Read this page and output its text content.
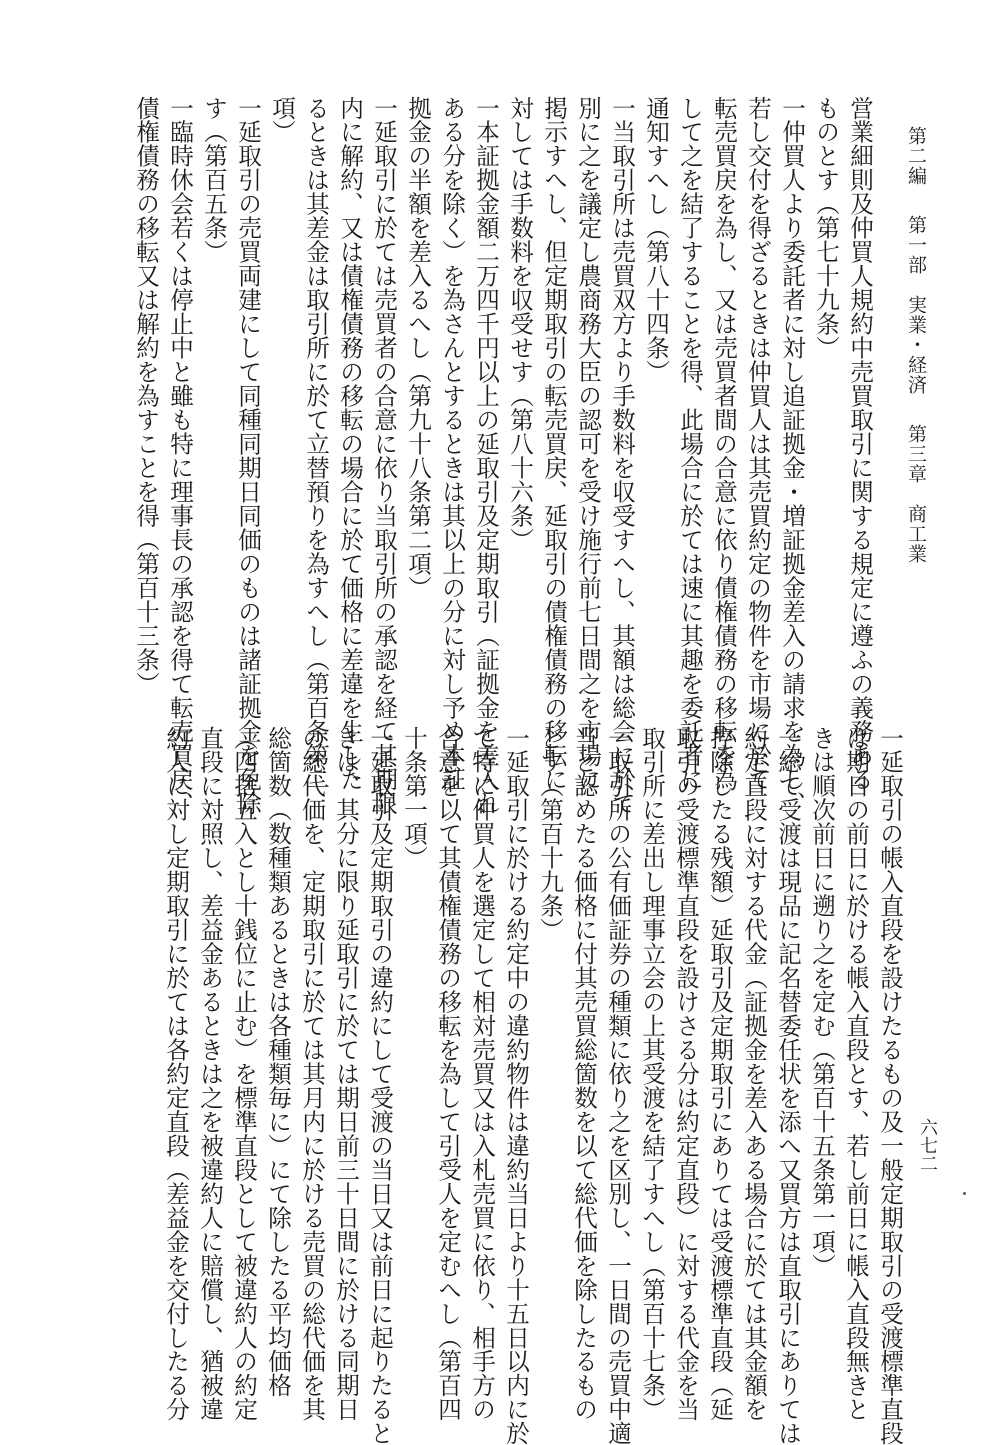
第二編 第一部　実業・経済 第三章　商工業
六七二
営業細則及仲買人規約中売買取引に関する規定に遵ふの義務ある
ものとす（第七十九条）
一仲買人より委託者に対し追証拠金・増証拠金差入の請求を為し、
若し交付を得ざるときは仲買人は其売買約定の物件を市場に於て
転売買戻を為し、又は売買者間の合意に依り債権債務の移転を為
して之を結了することを得、此場合に於ては速に其趣を委託者に
通知すへし（第八十四条）
一当取引所は売買双方より手数料を収受すへし、其額は総会に於て
別に之を議定し農商務大臣の認可を受け施行前七日間之を市場に
掲示すへし、但定期取引の転売買戻、延取引の債権債務の移転に
対しては手数料を収受せす（第八十六条）
一本証拠金額二万四千円以上の延取引及定期取引（証拠金を差入れ
ある分を除く）を為さんとするときは其以上の分に対し予め本証
拠金の半額を差入るへし（第九十八条第二項）
一延取引に於ては売買者の合意に依り当取引所の承認を経て其期限
内に解約、又は債権債務の移転の場合に於て価格に差違を生した
るときは其差金は取引所に於て立替預りを為すへし（第百条第二
項）
一延取引の売買両建にして同種同期日同価のものは諸証拠金を免除
す（第百五条）
一臨時休会若くは停止中と雖も特に理事長の承認を得て転売買戻、
債権債務の移転又は解約を為すことを得（第百十三条）
一延取引の帳入直段を設けたるもの及一般定期取引の受渡標準直段
は期日の前日に於ける帳入直段とす、若し前日に帳入直段無きと
きは順次前日に遡り之を定む（第百十五条第一項）
一総て受渡は現品に記名替委任状を添へ又買方は直取引にありては
約定直段に対する代金（証拠金を差入ある場合に於ては其金額を
控除したる残額）延取引及定期取引にありては受渡標準直段（延
取引の受渡標準直段を設けさる分は約定直段）に対する代金を当
取引所に差出し理事立会の上其受渡を結了すへし（第百十七条）
一取引所の公有価証券の種類に依り之を区別し、一日間の売買中適
当と認めたる価格に付其売買総箇数を以て総代価を除したるもの
とす（第百十九条）
一延取引に於ける約定中の違約物件は違約当日より十五日以内に於
て特に仲買人を選定して相対売買又は入札売買に依り、相手方の
合意を以て其債権債務の移転を為して引受人を定むへし（第百四
十条第一項）
一延取引及定期取引の違約にして受渡の当日又は前日に起りたると
きは、其分に限り延取引に於ては期日前三十日間に於ける同期日
の総代価を、定期取引に於ては其月内に於ける売買の総代価を其
総箇数（数種類あるときは各種類毎に）にて除したる平均価格
（四捨五入とし十銭位に止む）を標準直段として被違約人の約定
直段に対照し、差益金あるときは之を被違約人に賠償し、猶被違
約人に対し定期取引に於ては各約定直段（差益金を交付したる分
